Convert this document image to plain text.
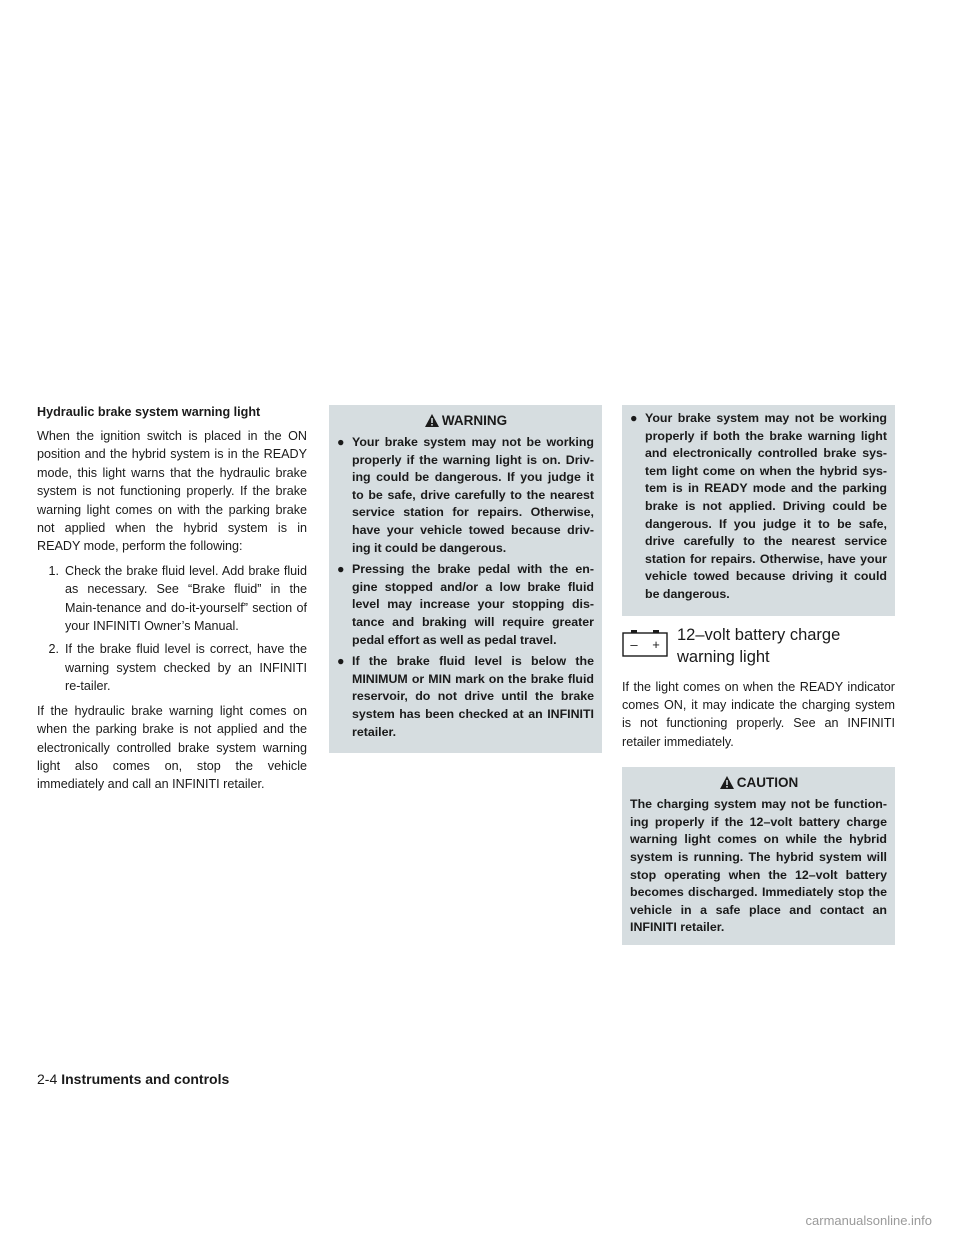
Hydraulic brake system warning light

When the ignition switch is placed in the ON position and the hybrid system is in the READY mode, this light warns that the hydraulic brake system is not functioning properly. If the brake warning light comes on with the parking brake not applied when the hybrid system is in READY mode, perform the following:

1. Check the brake fluid level. Add brake fluid as necessary. See “Brake fluid” in the Main-tenance and do-it-yourself” section of your INFINITI Owner’s Manual.
2. If the brake fluid level is correct, have the warning system checked by an INFINITI re-tailer.

If the hydraulic brake warning light comes on when the parking brake is not applied and the electronically controlled brake system warning light also comes on, stop the vehicle immediately and call an INFINITI retailer.

WARNING
● Your brake system may not be working properly if the warning light is on. Driv-ing could be dangerous. If you judge it to be safe, drive carefully to the nearest service station for repairs. Otherwise, have your vehicle towed because driv-ing it could be dangerous.
● Pressing the brake pedal with the en-gine stopped and/or a low brake fluid level may increase your stopping dis-tance and braking will require greater pedal effort as well as pedal travel.
● If the brake fluid level is below the MINIMUM or MIN mark on the brake fluid reservoir, do not drive until the brake system has been checked at an INFINITI retailer.
● Your brake system may not be working properly if both the brake warning light and electronically controlled brake sys-tem light come on when the hybrid sys-tem is in READY mode and the parking brake is not applied. Driving could be dangerous. If you judge it to be safe, drive carefully to the nearest service station for repairs. Otherwise, have your vehicle towed because driving it could be dangerous.
– +
12–volt battery charge warning light

If the light comes on when the READY indicator comes ON, it may indicate the charging system is not functioning properly. See an INFINITI retailer immediately.

CAUTION

The charging system may not be function-ing properly if the 12–volt battery charge warning light comes on while the hybrid system is running. The hybrid system will stop operating when the 12–volt battery becomes discharged. Immediately stop the vehicle in a safe place and contact an INFINITI retailer.

2-4 Instruments and controls
carmanualsonline.info
